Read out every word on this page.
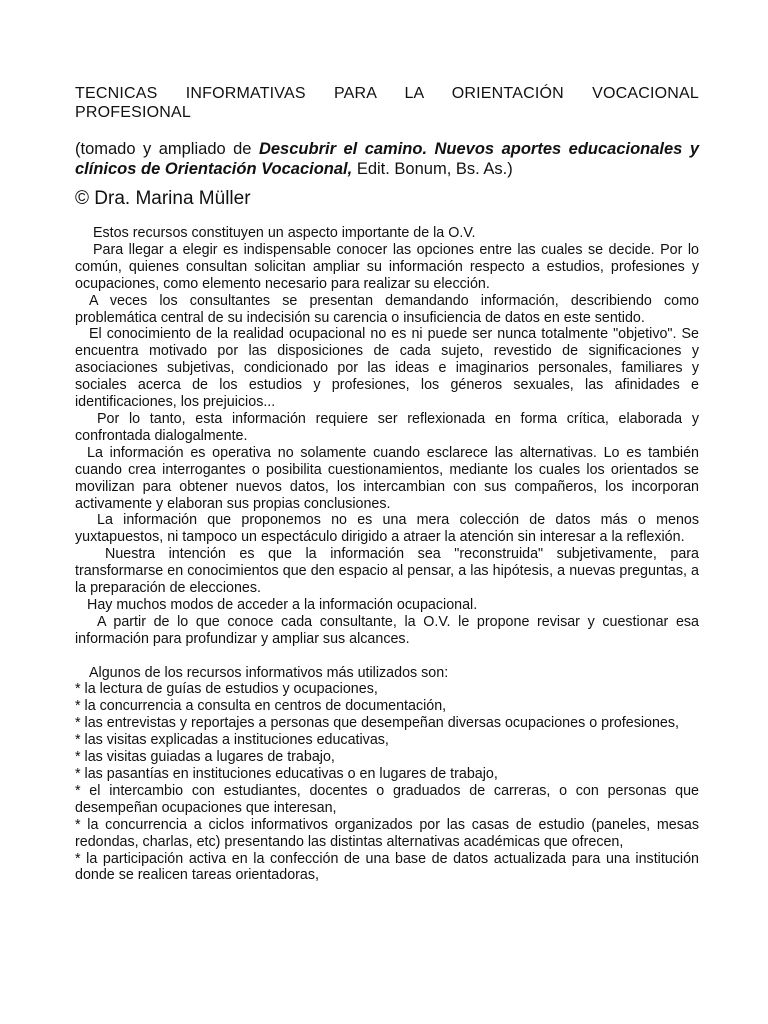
TECNICAS INFORMATIVAS PARA LA ORIENTACIÓN VOCACIONAL PROFESIONAL

(tomado y ampliado de Descubrir el camino. Nuevos aportes educacionales y clínicos de Orientación Vocacional, Edit. Bonum, Bs. As.)

© Dra. Marina Müller

Estos recursos constituyen un aspecto importante de la O.V.

Para llegar a elegir es indispensable conocer las opciones entre las cuales se decide. Por lo común, quienes consultan solicitan ampliar su información respecto a estudios, profesiones y ocupaciones, como elemento necesario para realizar su elección.

A veces los consultantes se presentan demandando información, describiendo como problemática central de su indecisión su carencia o insuficiencia de datos en este sentido.

El conocimiento de la realidad ocupacional no es ni puede ser nunca totalmente "objetivo". Se encuentra motivado por las disposiciones de cada sujeto, revestido de significaciones y asociaciones subjetivas, condicionado por las ideas e imaginarios personales, familiares y sociales acerca de los estudios y profesiones, los géneros sexuales, las afinidades e identificaciones, los prejuicios...

Por lo tanto, esta información requiere ser reflexionada en forma crítica, elaborada y confrontada dialogalmente.

La información es operativa no solamente cuando esclarece las alternativas. Lo es también cuando crea interrogantes o posibilita cuestionamientos, mediante los cuales los orientados se movilizan para obtener nuevos datos, los intercambian con sus compañeros, los incorporan activamente y elaboran sus propias conclusiones.

La información que proponemos no es una mera colección de datos más o menos yuxtapuestos, ni tampoco un espectáculo dirigido a atraer la atención sin interesar a la reflexión.

Nuestra intención es que la información sea "reconstruida" subjetivamente, para transformarse en conocimientos que den espacio al pensar, a las hipótesis, a nuevas preguntas, a la preparación de elecciones.

Hay muchos modos de acceder a la información ocupacional.

A partir de lo que conoce cada consultante, la O.V. le propone revisar y cuestionar esa información para profundizar y ampliar sus alcances.

Algunos de los recursos informativos más utilizados son:

* la lectura de guías de estudios y ocupaciones,

* la concurrencia a consulta en centros de documentación,

* las entrevistas y reportajes a personas que desempeñan diversas ocupaciones o profesiones,

* las visitas explicadas a instituciones educativas,

* las visitas guiadas a lugares de trabajo,

* las pasantías en instituciones educativas o en lugares de trabajo,

* el intercambio con estudiantes, docentes o graduados de carreras, o con personas que desempeñan ocupaciones que interesan,

* la concurrencia a ciclos informativos organizados por las casas de estudio (paneles, mesas redondas, charlas, etc) presentando las distintas alternativas académicas que ofrecen,

* la participación activa en la confección de una base de datos actualizada para una institución donde se realicen tareas orientadoras,
